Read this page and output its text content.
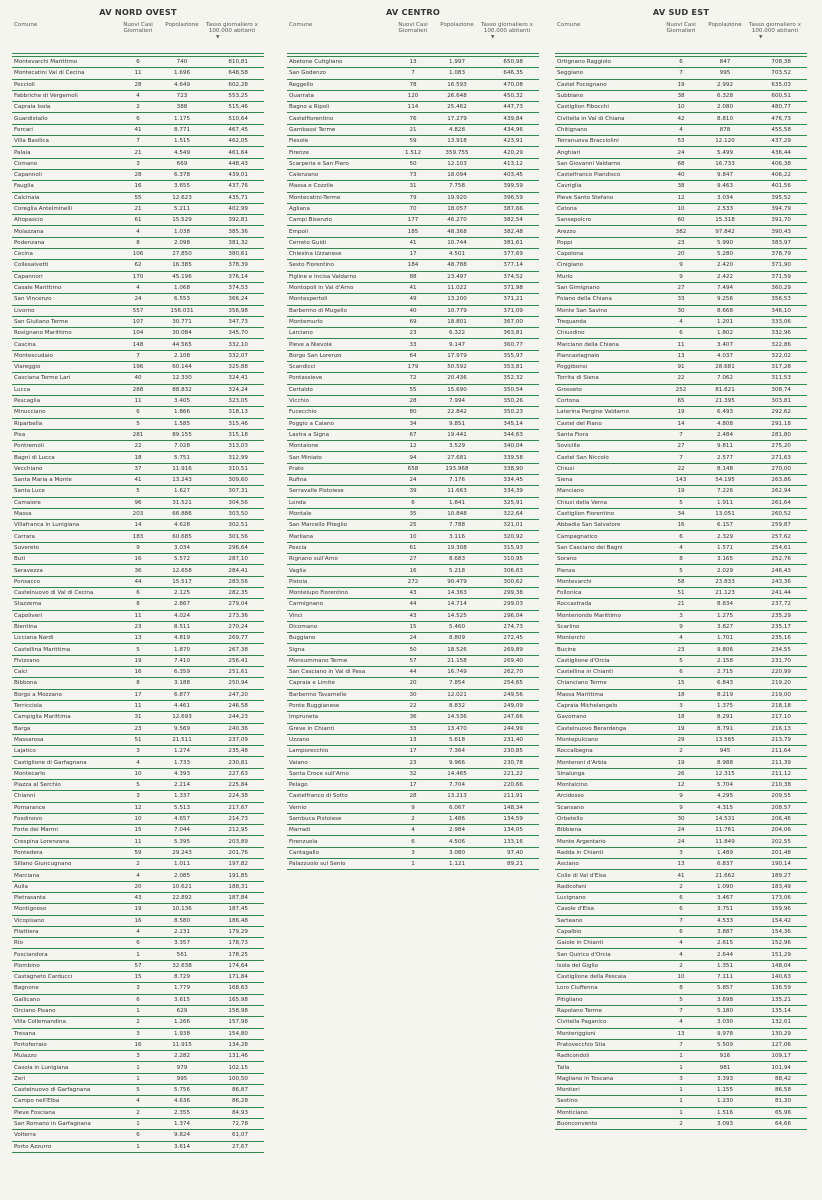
AV NORD OVEST
Comune	Nuovi Casi Giornalieri
Popolazione	Tasso giornaliero x 100.000 abitanti
▼
Montevarchi Marittimo	6	740	810,81
Montecatini Val di Cecina	11	1.696	648,58
Peccioli	28	4.649	602,28
Fabbriche di Vergemoli	4	723	553,25
Capraia Isola	2	388	515,46
Guardistallo	6	1.175	510,64
Forcari	41	8.771	467,45
Villa Basilica	7	1.515	462,05
Palaia	21	4.549	461,64
Comano	3	669	448,43
Capannoli	28	6.378	439,01
Fauglia	16	3.655	437,76
Calcinaia	55	12.623	435,71
Coreglia Antelminelli	21	5.211	402,99
Altopascio	61	15.529	392,81
Molazzana	4	1.038	385,36
Podenzana	8	2.098	381,32
Cecina	106	27.850	380,61
Collesalvetti	62	16.385	378,39
Capannori	170	45.196	376,14
Casale Marittimo	4	1.068	374,53
San Vincenzo	24	6.553	366,24
Livorno	557	156.031	356,98
San Giuliano Terme	107	30.771	347,73
Rosignano Marittimo	104	30.084	345,70
Cascina	148	44.565	332,10
Montescudaio	7	2.108	332,07
Viareggio	196	60.144	325,88
Casciana Terme Lari	40	12.330	324,41
Lucca	288	88.832	324,24
Pescaglia	11	3.405	323,05
Minucciano	6	1.866	318,13
Riparbella	5	1.585	315,46
Pisa	281	89.155	315,18
Pontremoli	22	7.028	313,03
Bagni di Lucca	18	5.751	312,99
Vecchiano	37	11.916	310,51
Santa Maria a Monte	41	13.243	309,60
Santa Luce	5	1.627	307,31
Camaiore	96	31.521	304,56
Massa	203	66.886	303,50
Villafranca in Lunigiana	14	4.628	302,51
Carrara	183	60.685	301,56
Suvereto	9	3.034	296,64
Buti	16	5.572	287,10
Seravezza	36	12.658	284,41
Ponsacco	44	15.517	283,56
Castelnuovo di Val di Cecina	6	2.125	282,35
Stazzema	8	2.867	279,04
Capoliveri	11	4.024	273,36
Bientina	23	8.511	270,24
Licciana Nardi	13	4.819	269,77
Castellina Marittima	5	1.870	267,38
Fivizzano	19	7.410	256,41
Calci	16	6.359	251,61
Bibbona	8	3.188	250,94
Borgo a Mozzano	17	6.877	247,20
Terricciola	11	4.461	246,58
Campiglia Marittima	31	12.693	244,23
Barga	23	9.569	240,36
Massarosa	51	21.511	237,09
Lajatico	3	1.274	235,48
Castiglione di Garfagnana	4	1.733	230,81
Montecarlo	10	4.393	227,63
Piazza al Serchio	5	2.214	225,84
Chianni	3	1.337	224,38
Pomarance	12	5.513	217,67
Fosdinovo	10	4.657	214,73
Forte dei Marmi	15	7.044	212,95
Crespina Lorenzana	11	5.395	203,89
Pontedera	59	29.243	201,76
Sillano Giuncugnano	2	1.011	197,82
Marciana	4	2.085	191,85
Aulla	20	10.621	188,31
Pietrasanta	43	22.892	187,84
Montignoso	19	10.136	187,45
Vicopisano	16	8.580	186,48
Filattiera	4	2.231	179,29
Rio	6	3.357	178,73
Fosciandora	1	561	178,25
Piombino	57	32.638	174,64
Castagneto Carducci	15	8.729	171,84
Bagnone	3	1.779	168,63
Gallicano	6	3.615	165,98
Orciano Pisano	1	629	158,98
Villa Collemandina	2	1.266	157,98
Tresana	3	1.938	154,80
Portoferraio	16	11.915	134,28
Mulazzo	3	2.282	131,46
Casola in Lunigiana	1	979	102,15
Zeri	1	995	100,50
Castelnuovo di Garfagnana	5	5.756	86,87
Campo nell'Elba	4	4.636	86,28
Pieve Fosciana	2	2.355	84,93
San Romano in Garfagnana	1	1.374	72,78
Volterra	6	9.824	61,07
Porto Azzurro	1	3.614	27,67
AV CENTRO
Comune	Nuovi Casi Giornalieri
Popolazione	Tasso giornaliero x 100.000 abitanti
▼
Abetone Cutigliano	13	1.997	650,98
San Godenzo	7	1.083	646,35
Reggello	78	16.593	470,08
Quarrata	120	26.648	450,32
Bagno a Ripoli	114	25.462	447,73
Castelfiorentino	76	17.279	439,84
Gambassi Terme	21	4.828	434,96
Fiesole	59	13.918	423,91
Firenze	1.512	359.755	420,29
Scarperia e San Piero	50	12.103	413,12
Calenzano	73	18.094	403,45
Massa e Cozzile	31	7.758	399,59
Montecatini-Terme	79	19.920	396,59
Agliana	70	18.057	387,66
Campi Bisenzio	177	46.270	382,54
Empoli	185	48.368	382,48
Cerreto Guidi	41	10.744	381,61
Chiesina Uzzanese	17	4.501	377,69
Sesto Fiorentino	184	48.788	377,14
Figline e Incisa Valdarno	88	23.497	374,52
Montopoli in Val d'Arno	41	11.022	371,98
Montespertoli	49	13.200	371,21
Barberino di Mugello	40	10.779	371,09
Montemurlo	69	18.801	367,00
Larciano	23	6.322	363,81
Pieve a Nievole	33	9.147	360,77
Borgo San Lorenzo	64	17.979	355,97
Scandicci	179	50.592	353,81
Pontassieve	72	20.436	352,32
Certaldo	55	15.690	350,54
Vicchio	28	7.994	350,26
Fucecchio	80	22.842	350,23
Poggio a Caiano	34	9.851	345,14
Lastra a Signa	67	19.441	344,63
Montaione	12	3.529	340,04
San Miniato	94	27.681	339,58
Prato	658	193.968	338,90
Rufina	24	7.176	334,45
Serravalle Pistoiese	39	11.663	334,39
Londa	6	1.841	325,91
Montale	35	10.848	322,64
San Marcello Piteglio	25	7.788	321,01
Marliana	10	3.116	320,92
Pescia	61	19.308	315,93
Rignano sull'Arno	27	8.683	310,95
Vaglia	16	5.218	306,63
Pistoia	272	90.479	300,62
Montelupo Fiorentino	43	14.363	299,38
Carmignano	44	14.714	299,03
Vinci	43	14.525	296,04
Dicomano	15	5.460	274,73
Buggiano	24	8.809	272,45
Signa	50	18.526	269,89
Monsummano Terme	57	21.158	269,40
San Casciano in Val di Pesa	44	16.749	262,70
Capraia e Limite	20	7.854	254,65
Barberino Tavarnelle	30	12.021	249,56
Ponte Buggianese	22	8.832	249,09
Impruneta	36	14.536	247,66
Greve in Chianti	33	13.470	244,99
Uzzano	13	5.618	231,40
Lamporecchio	17	7.364	230,85
Vaiano	23	9.966	230,78
Santa Croce sull'Arno	32	14.465	221,22
Pelago	17	7.704	220,66
Castelfranco di Sotto	28	13.213	211,91
Vernio	9	6.067	148,34
Sambuca Pistoiese	2	1.486	134,59
Marradi	4	2.984	134,05
Firenzuola	6	4.506	133,16
Cantagallo	3	3.080	97,40
Palazzuolo sul Senio	1	1.121	89,21
AV SUD EST
Comune	Nuovi Casi Giornalieri
Popolazione	Tasso giornaliero x 100.000 abitanti
▼
Ortignano Raggiolo	6	847	708,38
Seggiano	7	995	703,52
Castel Focognano	19	2.992	635,03
Subbiano	38	6.328	600,51
Castiglion Fibocchi	10	2.080	480,77
Civitella in Val di Chiana	42	8.810	476,73
Chitignano	4	878	455,58
Terranuova Bracciolini	53	12.120	437,29
Anghiari	24	5.499	436,44
San Giovanni Valdarno	68	16.733	406,38
Castelfranco Piandiscò	40	9.847	406,22
Cavriglia	38	9.463	401,56
Pieve Santo Stefano	12	3.034	395,52
Cetona	10	2.533	394,79
Sansepolcro	60	15.318	391,70
Arezzo	382	97.842	390,43
Poppi	23	5.990	383,97
Capolona	20	5.280	378,79
Cinigiano	9	2.420	371,90
Murlo	9	2.422	371,59
San Gimignano	27	7.494	360,29
Foiano della Chiana	33	9.256	356,53
Monte San Savino	30	8.668	346,10
Trequanda	4	1.201	333,06
Chiusdino	6	1.802	332,96
Marciano della Chiana	11	3.407	322,86
Piancastagnaio	13	4.037	322,02
Poggibonsi	91	28.681	317,28
Torrita di Siena	22	7.062	311,53
Grosseto	252	81.621	308,74
Cortona	65	21.395	303,81
Laterina Pergine Valdarno	19	6.493	292,62
Castel del Piano	14	4.808	291,18
Santa Fiora	7	2.484	281,80
Sovicille	27	9.811	275,20
Castel San Niccolò	7	2.577	271,63
Chiusi	22	8.148	270,00
Siena	143	54.195	263,86
Manciano	19	7.226	262,94
Chiusi della Verna	5	1.911	261,64
Castiglion Fiorentino	34	13.051	260,52
Abbadia San Salvatore	16	6.157	259,87
Campagnatico	6	2.329	257,62
San Casciano dei Bagni	4	1.571	254,61
Sorano	8	3.165	252,76
Pienza	5	2.029	246,43
Montevarchi	58	23.833	243,36
Follonica	51	21.123	241,44
Roccastrada	21	8.834	237,72
Monteriondo Marittimo	3	1.275	235,29
Scarlino	9	3.827	235,17
Monterchi	4	1.701	235,16
Bucine	23	9.806	234,55
Castiglione d'Orcia	5	2.158	231,70
Castellina in Chianti	6	2.715	220,99
Chianciano Terme	15	6.843	219,20
Massa Marittima	18	8.219	219,00
Capraia Michelangelo	3	1.375	218,18
Gavorrano	18	8.291	217,10
Castelnuovo Berardenga	19	8.791	216,13
Montepulciano	29	13.565	213,79
Roccalbegna	2	945	211,64
Monteroni d'Arbia	19	8.988	211,39
Sinalunga	26	12.315	211,12
Montalcino	12	5.704	210,38
Arcidosso	9	4.295	209,55
Scansano	9	4.315	208,57
Orbetello	30	14.531	206,46
Bibbiena	24	11.761	204,06
Monte Argentario	24	11.849	202,55
Radda in Chianti	3	1.489	201,48
Asciano	13	6.837	190,14
Colle di Val d'Elsa	41	21.662	189,27
Radicofani	2	1.090	183,49
Lucignano	6	3.467	173,06
Casole d'Elsa	6	3.751	159,96
Sarteano	7	4.533	154,42
Capalbio	6	3.887	154,36
Gaiole in Chianti	4	2.615	152,96
San Quirico d'Orcia	4	2.644	151,29
Isola del Giglio	2	1.351	148,04
Castiglione della Pescaia	10	7.111	140,63
Loro Ciuffenna	8	5.857	136,59
Pitigliano	5	3.698	135,21
Rapolano Terme	7	5.180	135,14
Civitella Paganico	4	3.030	132,01
Monteriggioni	13	9.978	130,29
Pratovecchio Stia	7	5.509	127,06
Radicondoli	1	916	109,17
Talla	1	981	101,94
Magliano in Toscana	3	3.393	88,42
Montieri	1	1.155	86,58
Sestino	1	1.230	81,30
Monticiano	1	1.516	65,96
Buonconvento	2	3.093	64,66
